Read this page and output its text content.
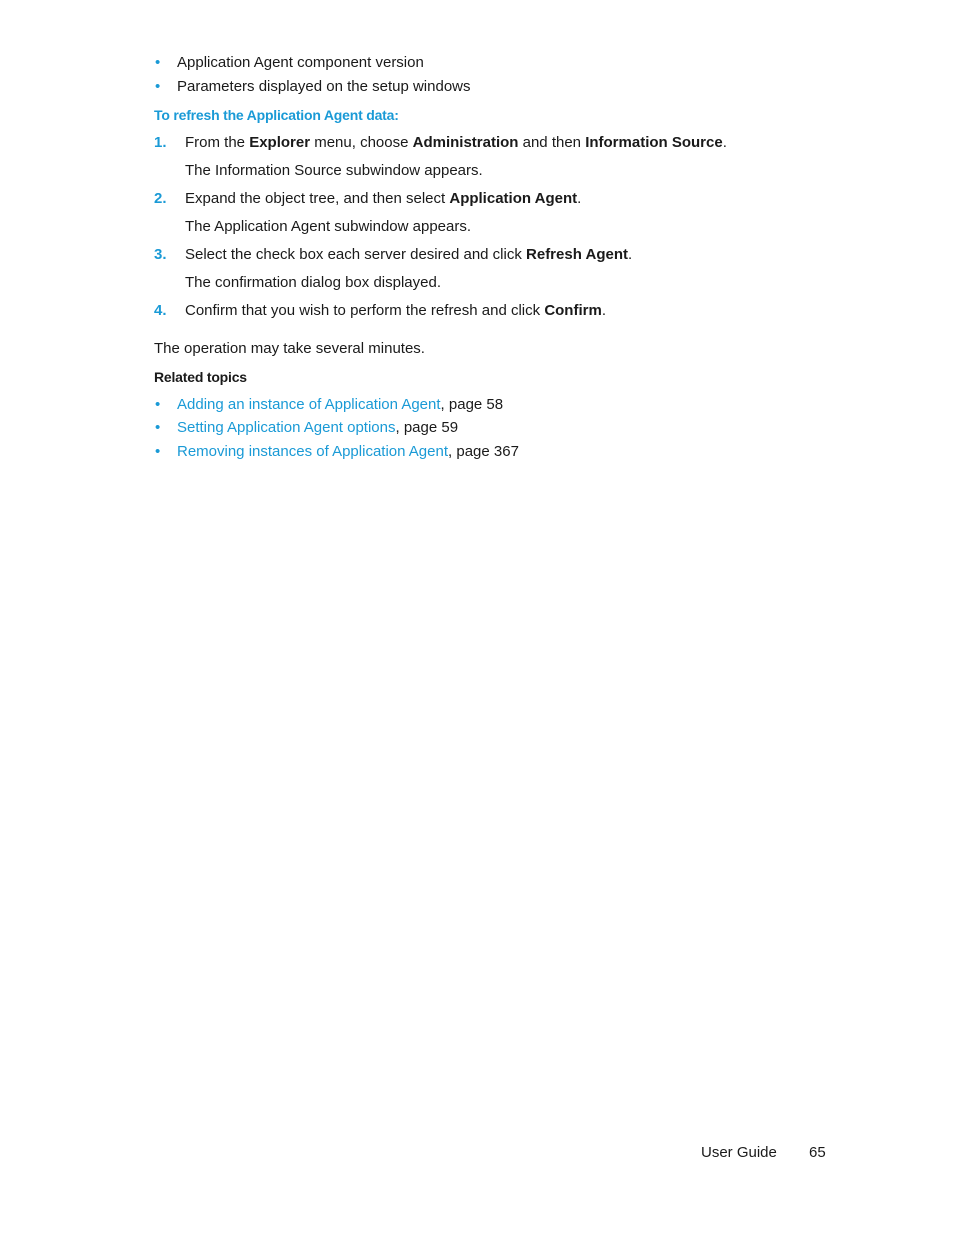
• Application Agent component version
• Parameters displayed on the setup windows
To refresh the Application Agent data:
1. From the Explorer menu, choose Administration and then Information Source.
The Information Source subwindow appears.
2. Expand the object tree, and then select Application Agent.
The Application Agent subwindow appears.
3. Select the check box each server desired and click Refresh Agent.
The confirmation dialog box displayed.
4. Confirm that you wish to perform the refresh and click Confirm.
The operation may take several minutes.
Related topics
• Adding an instance of Application Agent, page 58
• Setting Application Agent options, page 59
• Removing instances of Application Agent, page 367
User Guide 65
